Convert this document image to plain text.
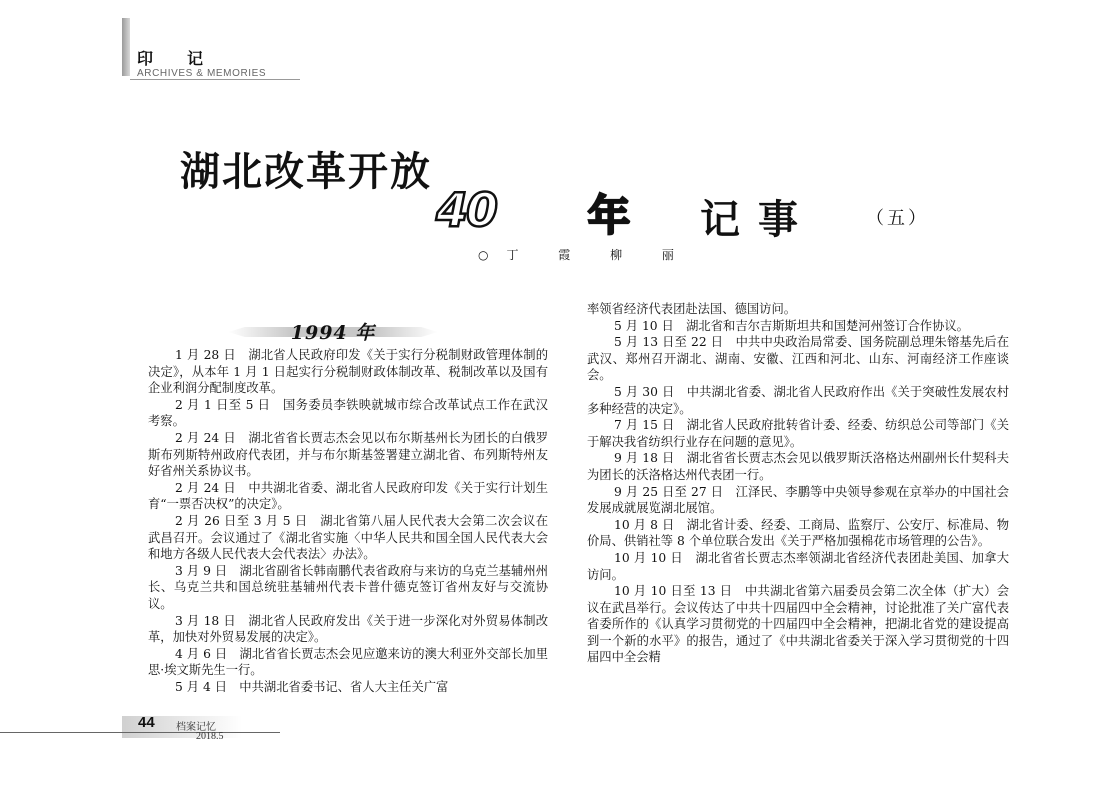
印记
ARCHIVES & MEMORIES
湖北改革开放
40 年 记事	（五）
○丁 霞 柳 丽
1994 年

1 月 28 日　湖北省人民政府印发《关于实行分税制财政管理体制的决定》，从本年 1 月 1 日起实行分税制财政体制改革、税制改革以及国有企业利润分配制度改革。

2 月 1 日至 5 日　国务委员李铁映就城市综合改革试点工作在武汉考察。

2 月 24 日　湖北省省长贾志杰会见以布尔斯基州长为团长的白俄罗斯布列斯特州政府代表团，并与布尔斯基签署建立湖北省、布列斯特州友好省州关系协议书。

2 月 24 日　中共湖北省委、湖北省人民政府印发《关于实行计划生育“一票否决权”的决定》。

2 月 26 日至 3 月 5 日　湖北省第八届人民代表大会第二次会议在武昌召开。会议通过了《湖北省实施〈中华人民共和国全国人民代表大会和地方各级人民代表大会代表法〉办法》。

3 月 9 日　湖北省副省长韩南鹏代表省政府与来访的乌克兰基辅州州长、乌克兰共和国总统驻基辅州代表卡普什德克签订省州友好与交流协议。

3 月 18 日　湖北省人民政府发出《关于进一步深化对外贸易体制改革，加快对外贸易发展的决定》。

4 月 6 日　湖北省省长贾志杰会见应邀来访的澳大利亚外交部长加里思·埃文斯先生一行。

5 月 4 日　中共湖北省委书记、省人大主任关广富

率领省经济代表团赴法国、德国访问。

5 月 10 日　湖北省和吉尔吉斯斯坦共和国楚河州签订合作协议。

5 月 13 日至 22 日　中共中央政治局常委、国务院副总理朱镕基先后在武汉、郑州召开湖北、湖南、安徽、江西和河北、山东、河南经济工作座谈会。

5 月 30 日　中共湖北省委、湖北省人民政府作出《关于突破性发展农村多种经营的决定》。

7 月 15 日　湖北省人民政府批转省计委、经委、纺织总公司等部门《关于解决我省纺织行业存在问题的意见》。

9 月 18 日　湖北省省长贾志杰会见以俄罗斯沃洛格达州副州长什契科夫为团长的沃洛格达州代表团一行。

9 月 25 日至 27 日　江泽民、李鹏等中央领导参观在京举办的中国社会发展成就展览湖北展馆。

10 月 8 日　湖北省计委、经委、工商局、监察厅、公安厅、标准局、物价局、供销社等 8 个单位联合发出《关于严格加强棉花市场管理的公告》。

10 月 10 日　湖北省省长贾志杰率领湖北省经济代表团赴美国、加拿大访问。

10 月 10 日至 13 日　中共湖北省第六届委员会第二次全体（扩大）会议在武昌举行。会议传达了中共十四届四中全会精神，讨论批准了关广富代表省委所作的《认真学习贯彻党的十四届四中全会精神，把湖北省党的建设提高到一个新的水平》的报告，通过了《中共湖北省委关于深入学习贯彻党的十四届四中全会精

44 档案记忆
2018.5
